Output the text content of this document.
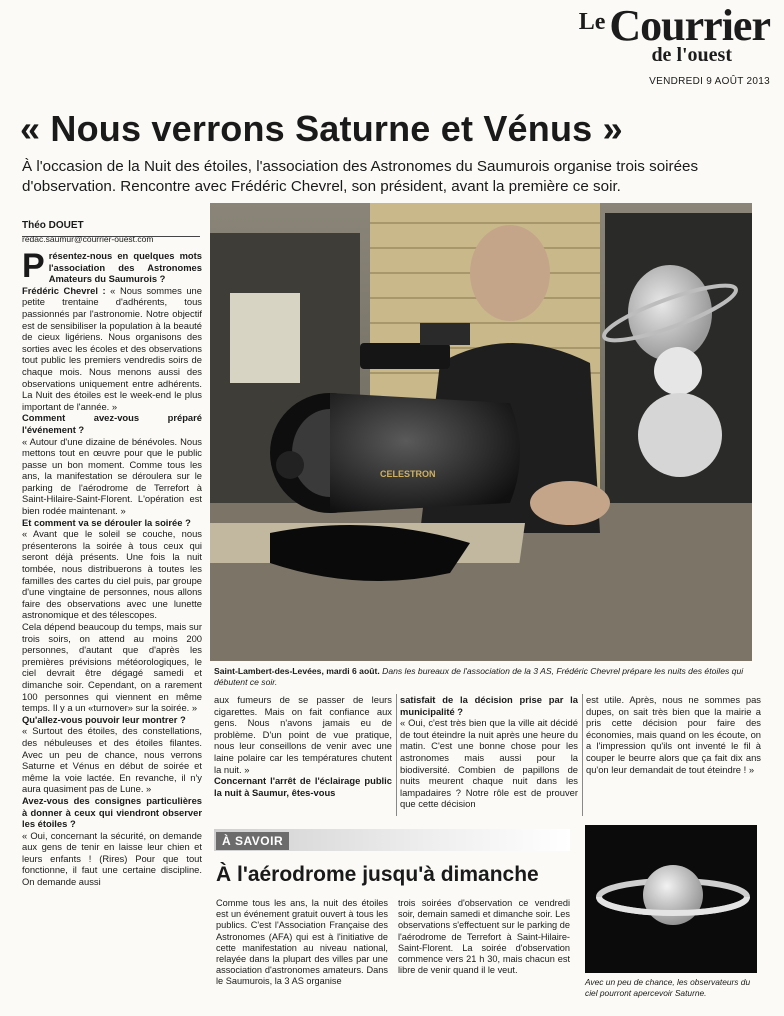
Le Courrier
de l'ouest
VENDREDI 9 AOÛT 2013
« Nous verrons Saturne et Vénus »

À l'occasion de la Nuit des étoiles, l'association des Astronomes du Saumurois organise trois soirées d'observation. Rencontre avec Frédéric Chevrel, son président, avant la première ce soir.

Théo DOUET
redac.saumur@courrier-ouest.com

Présentez-nous en quelques mots l'association des Astronomes Amateurs du Saumurois ?

Frédéric Chevrel : « Nous sommes une petite trentaine d'adhérents, tous passionnés par l'astronomie. Notre objectif est de sensibiliser la population à la beauté de cieux ligériens. Nous organisons des sorties avec les écoles et des observations tout public les premiers vendredis soirs de chaque mois. Nous menons aussi des observations uniquement entre adhérents. La Nuit des étoiles est le week-end le plus important de l'année. »

Comment avez-vous préparé l'événement ?

« Autour d'une dizaine de bénévoles. Nous mettons tout en œuvre pour que le public passe un bon moment. Comme tous les ans, la manifestation se déroulera sur le parking de l'aérodrome de Terrefort à Saint-Hilaire-Saint-Florent. L'opération est bien rodée maintenant. »

Et comment va se dérouler la soirée ?

« Avant que le soleil se couche, nous présenterons la soirée à tous ceux qui seront déjà présents. Une fois la nuit tombée, nous distribuerons à toutes les familles des cartes du ciel puis, par groupe d'une vingtaine de personnes, nous allons faire des observations avec une lunette astronomique et des télescopes.

Cela dépend beaucoup du temps, mais sur trois soirs, on attend au moins 200 personnes, d'autant que d'après les premières prévisions météorologiques, le ciel devrait être dégagé samedi et dimanche soir. Cependant, on a rarement 100 personnes qui viennent en même temps. Il y a un «turnover» sur la soirée. »

Qu'allez-vous pouvoir leur montrer ?

« Surtout des étoiles, des constellations, des nébuleuses et des étoiles filantes. Avec un peu de chance, nous verrons Saturne et Vénus en début de soirée et même la voie lactée. En revanche, il n'y aura quasiment pas de Lune. »

Avez-vous des consignes particulières à donner à ceux qui viendront observer les étoiles ?

« Oui, concernant la sécurité, on demande aux gens de tenir en laisse leur chien et leurs enfants ! (Rires) Pour que tout fonctionne, il faut une certaine discipline. On demande aussi

CELESTRON

Saint-Lambert-des-Levées, mardi 6 août. Dans les bureaux de l'association de la 3 AS, Frédéric Chevrel prépare les nuits des étoiles qui débutent ce soir.

aux fumeurs de se passer de leurs cigarettes. Mais on fait confiance aux gens. Nous n'avons jamais eu de problème. D'un point de vue pratique, nous leur conseillons de venir avec une laine polaire car les températures chutent la nuit. »

Concernant l'arrêt de l'éclairage public la nuit à Saumur, êtes-vous

satisfait de la décision prise par la municipalité ?

« Oui, c'est très bien que la ville ait décidé de tout éteindre la nuit après une heure du matin. C'est une bonne chose pour les astronomes mais aussi pour la biodiversité. Combien de papillons de nuits meurent chaque nuit dans les lampadaires ? Notre rôle est de prouver que cette décision

est utile. Après, nous ne sommes pas dupes, on sait très bien que la mairie a pris cette décision pour faire des économies, mais quand on les écoute, on a l'impression qu'ils ont inventé le fil à couper le beurre alors que ça fait dix ans qu'on leur demandait de tout éteindre ! »

À SAVOIR
À l'aérodrome jusqu'à dimanche

Comme tous les ans, la nuit des étoiles est un événement gratuit ouvert à tous les publics. C'est l'Association Française des Astronomes (AFA) qui est à l'initiative de cette manifestation au niveau national, relayée dans la plupart des villes par une association d'astronomes amateurs. Dans le Saumurois, la 3 AS organise

trois soirées d'observation ce vendredi soir, demain samedi et dimanche soir. Les observations s'effectuent sur le parking de l'aérodrome de Terrefort à Saint-Hilaire-Saint-Florent. La soirée d'observation commence vers 21 h 30, mais chacun est libre de venir quand il le veut.

Avec un peu de chance, les observateurs du ciel pourront apercevoir Saturne.
